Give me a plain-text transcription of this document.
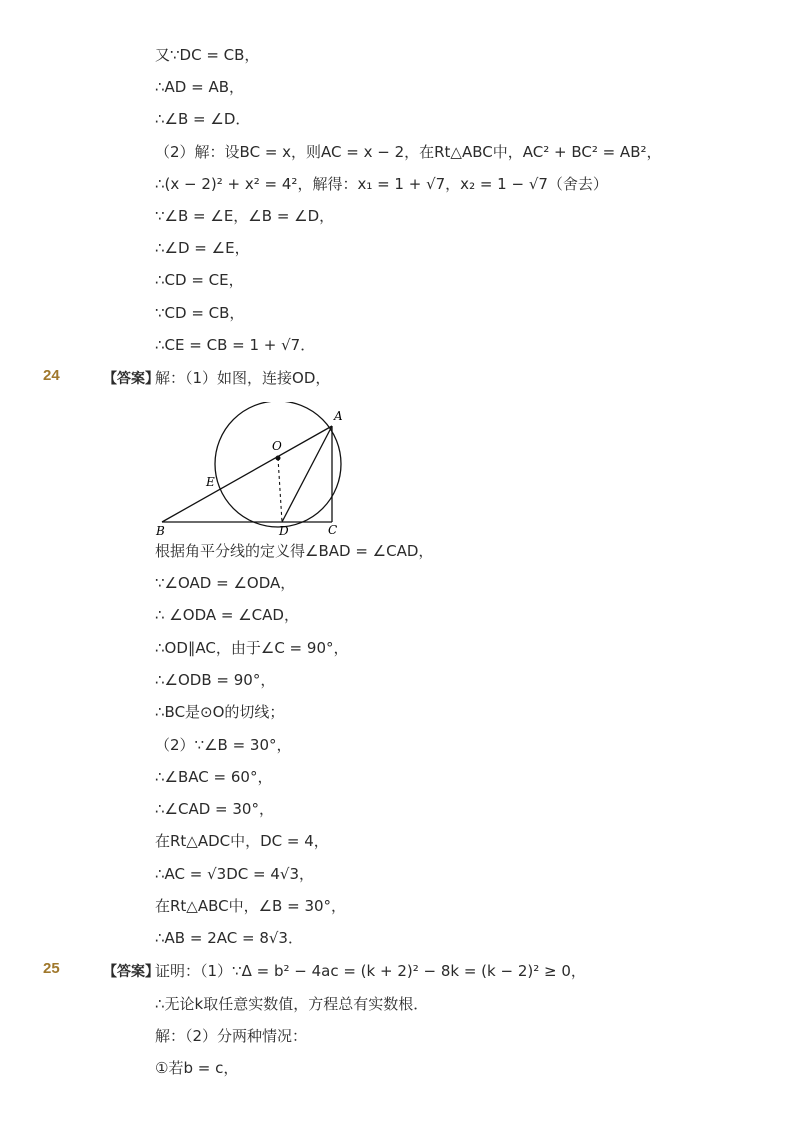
又∵DC = CB，
∴AD = AB，
∴∠B = ∠D．
（2）解：设BC = x，则AC = x − 2，在Rt△ABC中，AC² + BC² = AB²，
∴(x − 2)² + x² = 4²，解得：x₁ = 1 + √7，x₂ = 1 − √7（舍去）
∵∠B = ∠E，∠B = ∠D，
∴∠D = ∠E，
∴CD = CE，
∵CD = CB，
∴CE = CB = 1 + √7．
24	【答案】
解：（1）如图，连接OD，
O
A
E
B	D	C
根据角平分线的定义得∠BAD = ∠CAD，
∵∠OAD = ∠ODA，
∴ ∠ODA = ∠CAD，
∴OD∥AC，由于∠C = 90°，
∴∠ODB = 90°，
∴BC是⊙O的切线；
（2）∵∠B = 30°，
∴∠BAC = 60°，
∴∠CAD = 30°，
在Rt△ADC中，DC = 4，
∴AC = √3DC = 4√3，
在Rt△ABC中，∠B = 30°，
∴AB = 2AC = 8√3．
25	【答案】
证明：（1）∵Δ = b² − 4ac = (k + 2)² − 8k = (k − 2)² ≥ 0，
∴无论k取任意实数值，方程总有实数根．
解：（2）分两种情况：
①若b = c，
